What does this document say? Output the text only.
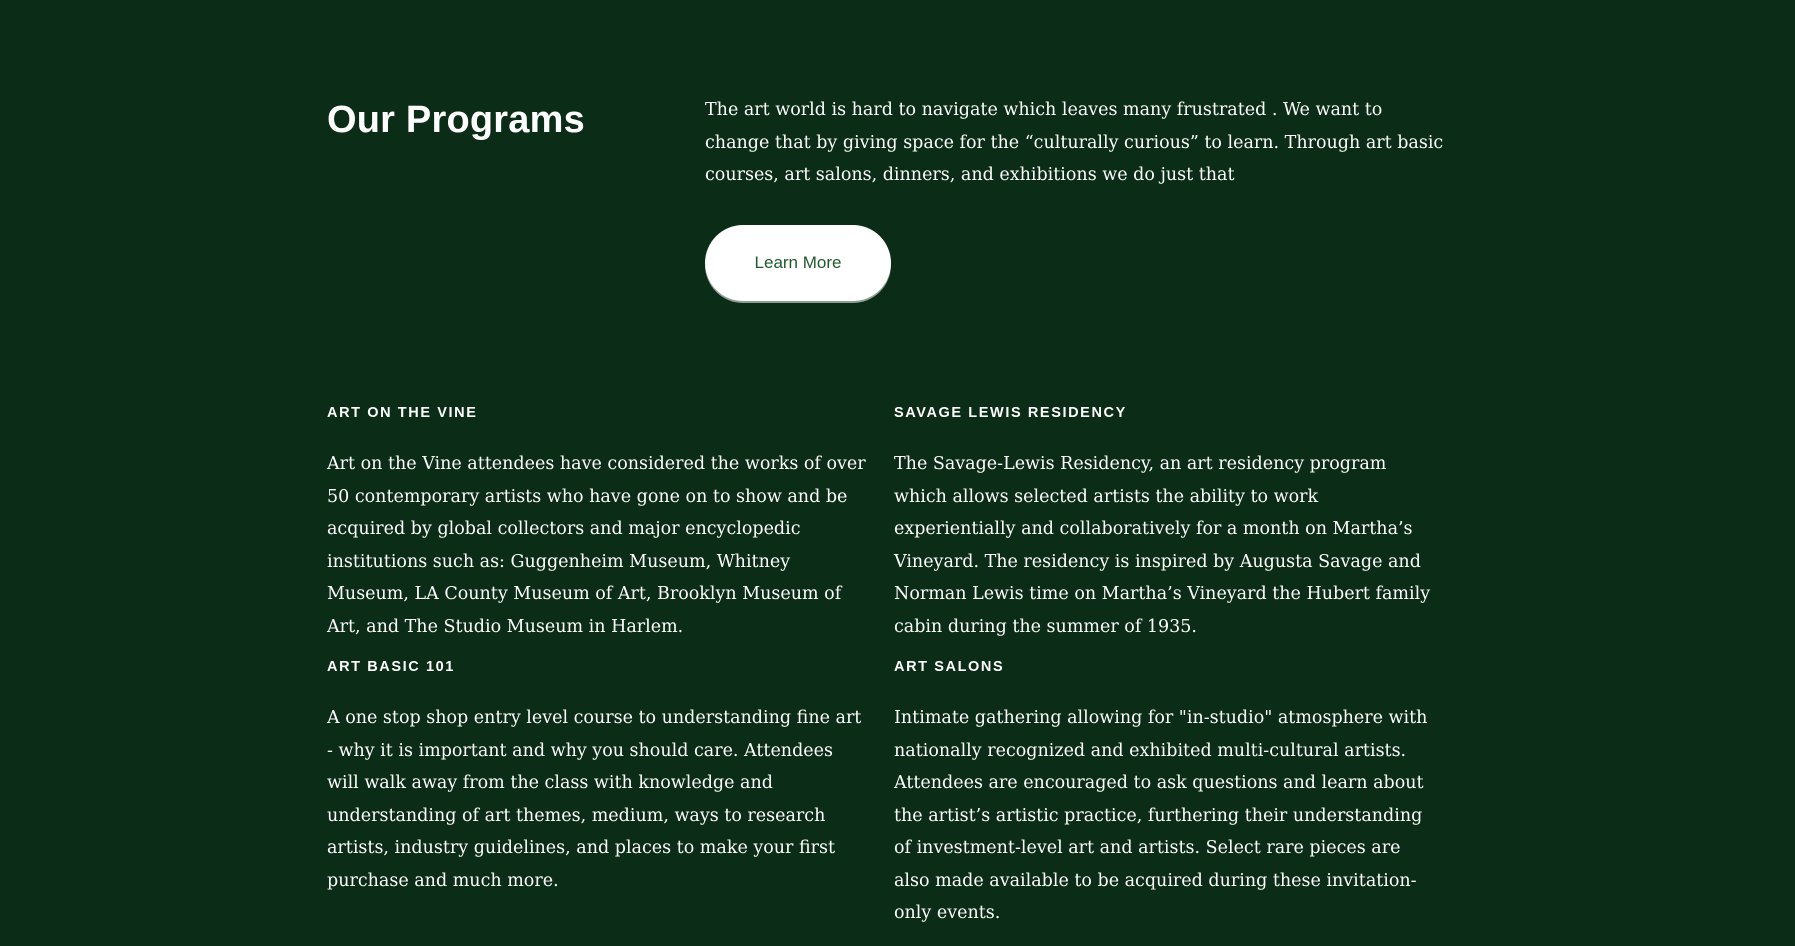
Our Programs	The art world is hard to navigate which leaves many frustrated . We want to change that by giving space for the “culturally curious” to learn. Through art basic courses, art salons, dinners, and exhibitions we do just that

Learn More
ART ON THE VINE

Art on the Vine attendees have considered the works of over 50 contemporary artists who have gone on to show and be acquired by global collectors and major encyclopedic institutions such as: Guggenheim Museum, Whitney Museum, LA County Museum of Art, Brooklyn Museum of Art, and The Studio Museum in Harlem.

SAVAGE LEWIS RESIDENCY

The Savage-Lewis Residency, an art residency program which allows selected artists the ability to work experientially and collaboratively for a month on Martha’s Vineyard. The residency is inspired by Augusta Savage and Norman Lewis time on Martha’s Vineyard the Hubert family cabin during the summer of 1935.

ART BASIC 101

A one stop shop entry level course to understanding fine art - why it is important and why you should care. Attendees will walk away from the class with knowledge and understanding of art themes, medium, ways to research artists, industry guidelines, and places to make your first purchase and much more.

ART SALONS

Intimate gathering allowing for "in-studio" atmosphere with nationally recognized and exhibited multi-cultural artists. Attendees are encouraged to ask questions and learn about the artist’s artistic practice, furthering their understanding of investment-level art and artists. Select rare pieces are also made available to be acquired during these invitation-only events.
